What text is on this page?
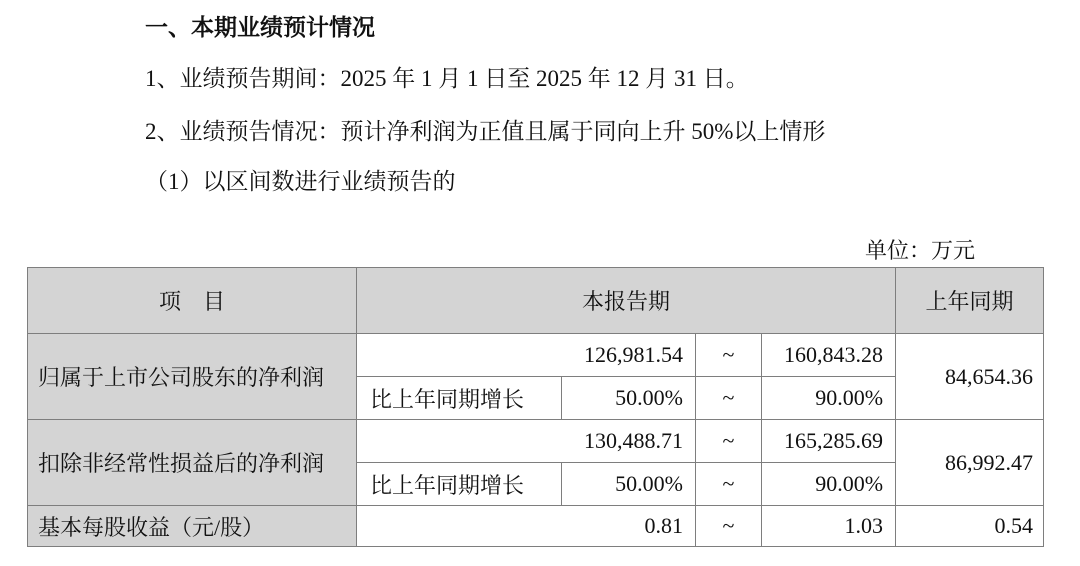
一、本期业绩预计情况
1、业绩预告期间：2025 年 1 月 1 日至 2025 年 12 月 31 日。
2、业绩预告情况：预计净利润为正值且属于同向上升 50%以上情形
（1）以区间数进行业绩预告的
单位：万元
项　目	本报告期				上年同期
归属于上市公司股东的净利润	126,981.54		~	160,843.28	84,654.36
	比上年同期增长	50.00%	~	90.00%	
扣除非经常性损益后的净利润	130,488.71		~	165,285.69	86,992.47
	比上年同期增长	50.00%	~	90.00%	
基本每股收益（元/股）	0.81		~	1.03	0.54
